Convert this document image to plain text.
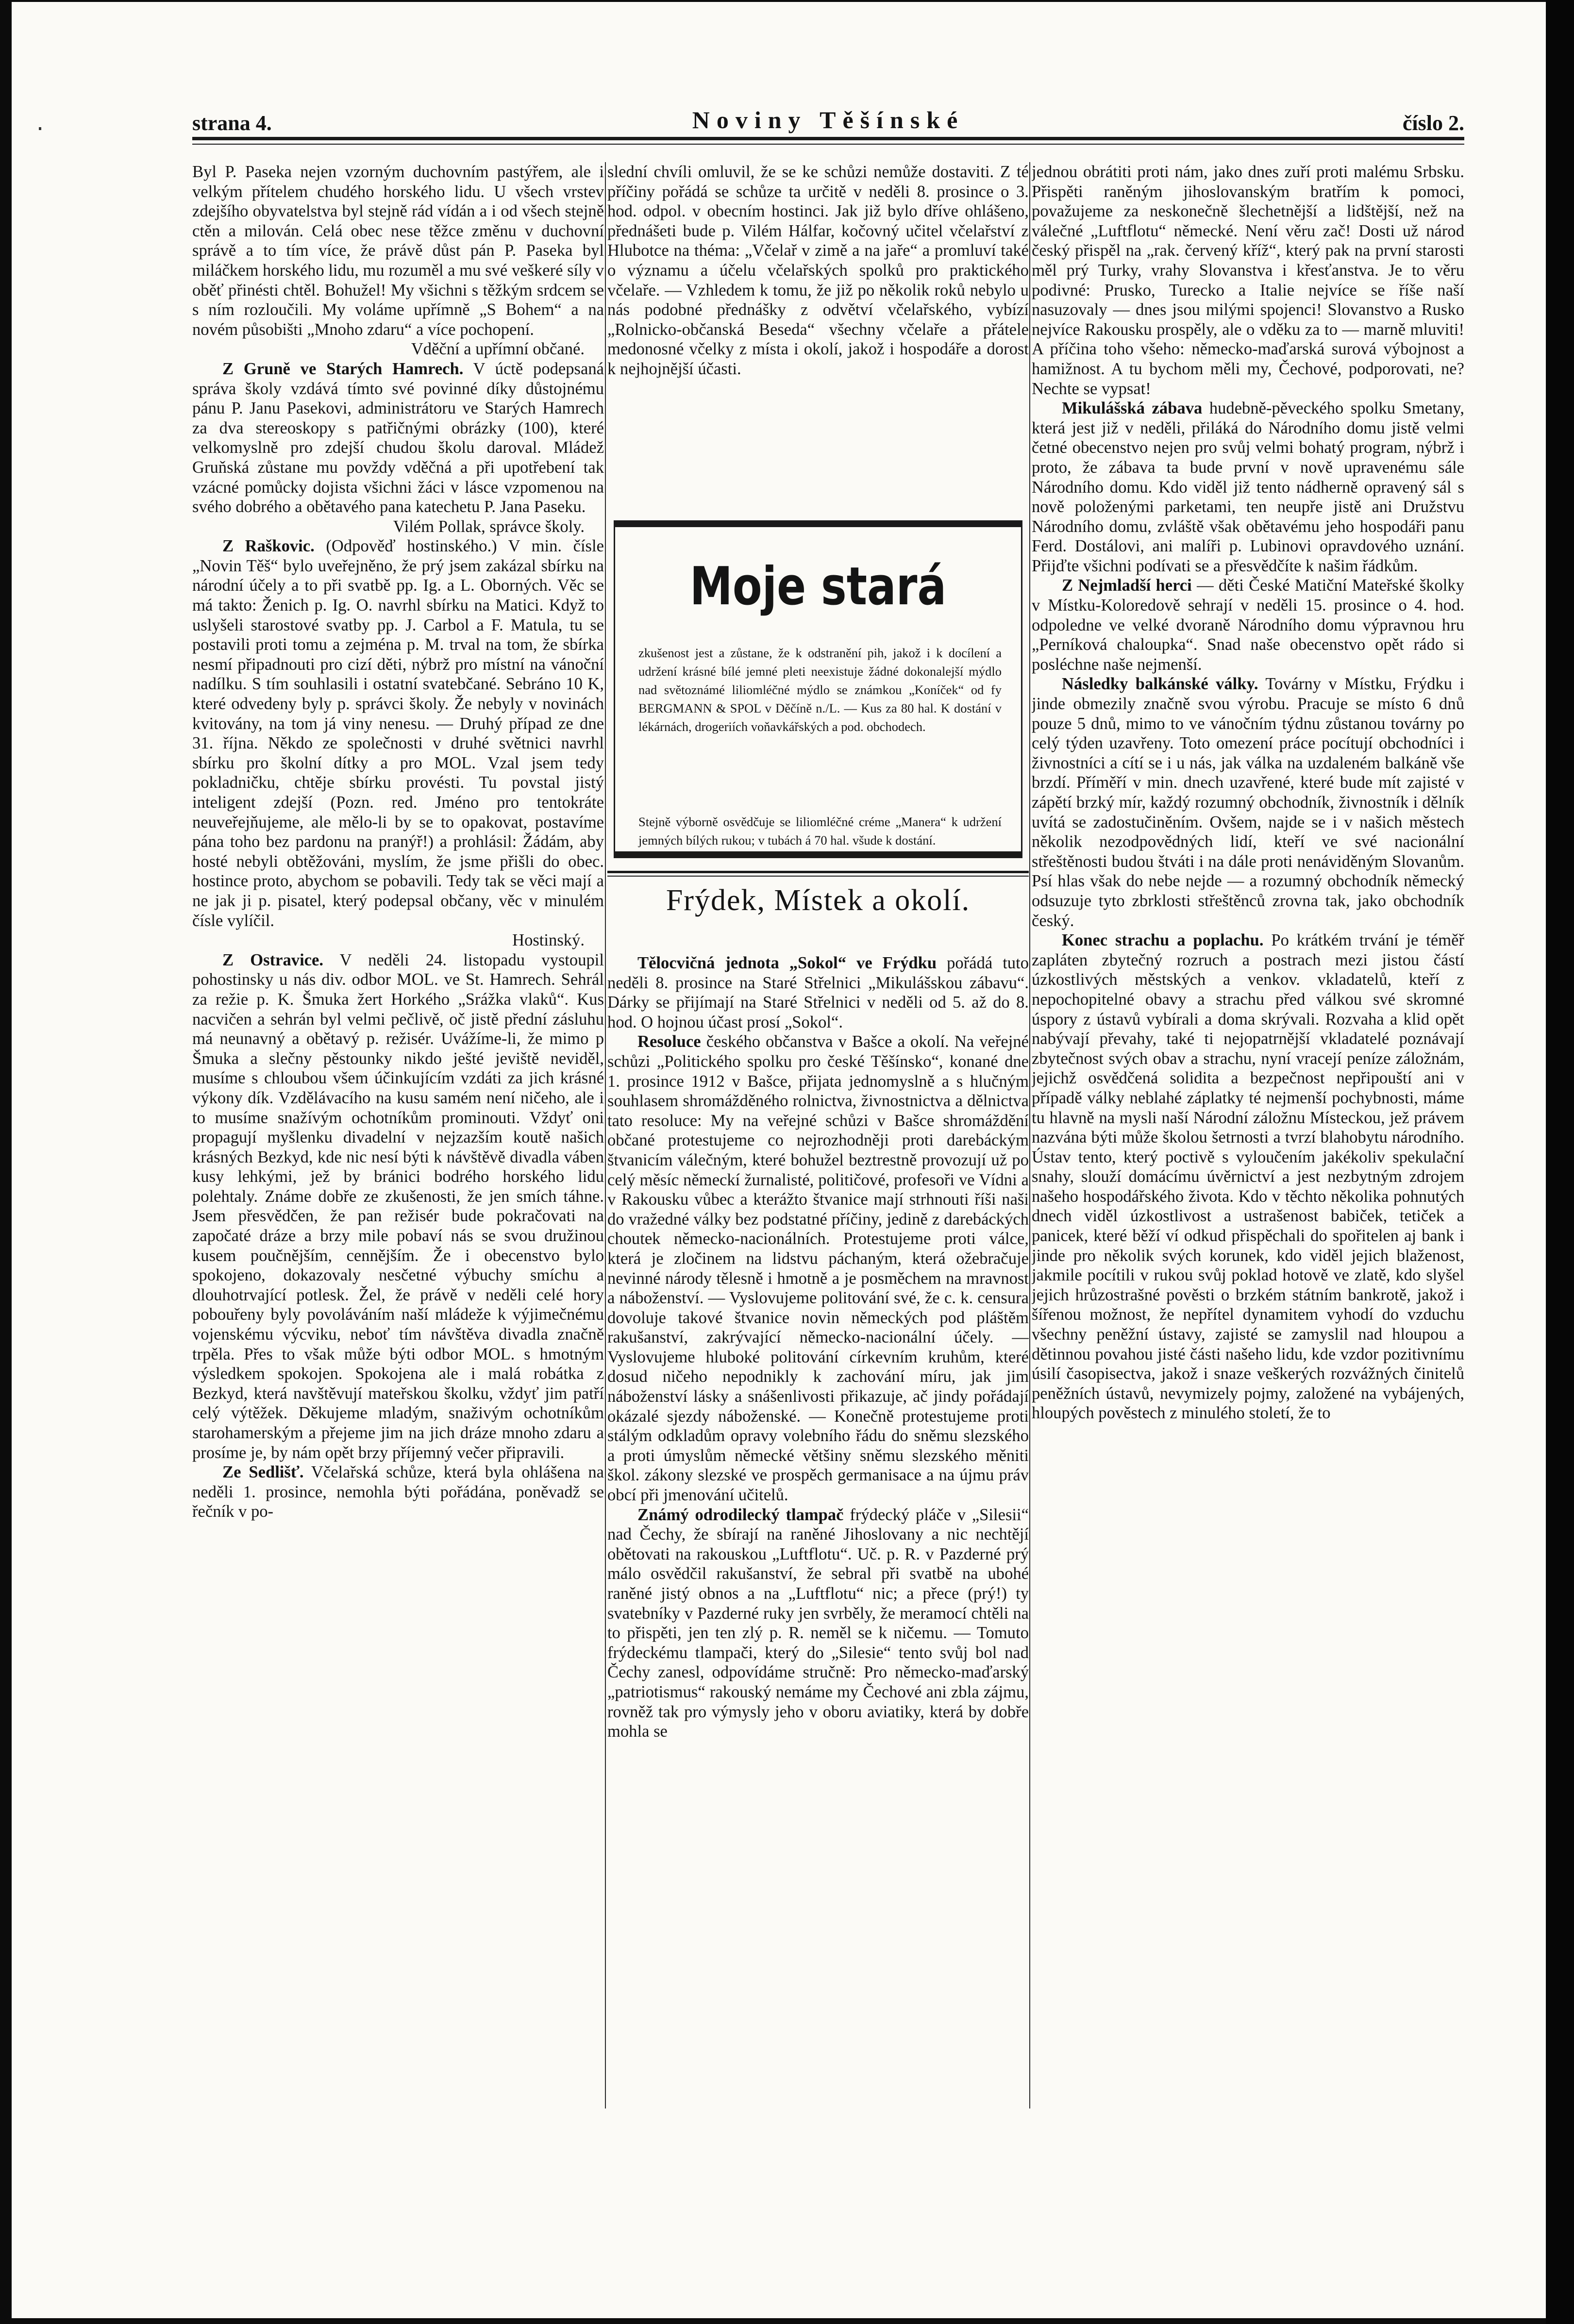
strana 4.	Noviny Těšínské	číslo 2.

Byl P. Paseka nejen vzorným duchovním pastýřem, ale i velkým přítelem chudého horského lidu. U všech vrstev zdejšího obyvatelstva byl stejně rád vídán a i od všech stejně ctěn a milován. Celá obec nese těžce změnu v duchovní správě a to tím více, že právě důst pán P. Paseka byl miláčkem horského lidu, mu rozuměl a mu své veškeré síly v oběť přinésti chtěl. Bohužel! My všichni s těžkým srdcem se s ním rozloučili. My voláme upřímně „S Bohem“ a na novém působišti „Mnoho zdaru“ a více pochopení.

Vděční a upřímní občané.

Z Gruně ve Starých Hamrech. V úctě podepsaná správa školy vzdává tímto své povinné díky důstojnému pánu P. Janu Pasekovi, administrátoru ve Starých Hamrech za dva stereoskopy s patřičnými obrázky (100), které velkomyslně pro zdejší chudou školu daroval. Mládež Gruňská zůstane mu povždy vděčná a při upotřebení tak vzácné pomůcky dojista všichni žáci v lásce vzpomenou na svého dobrého a obětavého pana katechetu P. Jana Paseku.

Vilém Pollak, správce školy.

Z Raškovic. (Odpověď hostinského.) V min. čísle „Novin Těš“ bylo uveřejněno, že prý jsem zakázal sbírku na národní účely a to při svatbě pp. Ig. a L. Oborných. Věc se má takto: Ženich p. Ig. O. navrhl sbírku na Matici. Když to uslyšeli starostové svatby pp. J. Carbol a F. Matula, tu se postavili proti tomu a zejména p. M. trval na tom, že sbírka nesmí připadnouti pro cizí děti, nýbrž pro místní na vánoční nadílku. S tím souhlasili i ostatní svatebčané. Sebráno 10 K, které odvedeny byly p. správci školy. Že nebyly v novinách kvitovány, na tom já viny nenesu. — Druhý případ ze dne 31. října. Někdo ze společnosti v druhé světnici navrhl sbírku pro školní dítky a pro MOL. Vzal jsem tedy pokladničku, chtěje sbírku provésti. Tu povstal jistý inteligent zdejší (Pozn. red. Jméno pro tentokráte neuveřejňujeme, ale mělo-li by se to opakovat, postavíme pána toho bez pardonu na pranýř!) a prohlásil: Žádám, aby hosté nebyli obtěžováni, myslím, že jsme přišli do obec. hostince proto, abychom se pobavili. Tedy tak se věci mají a ne jak ji p. pisatel, který podepsal občany, věc v minulém čísle vylíčil.

Hostinský.

Z Ostravice. V neděli 24. listopadu vystoupil pohostinsky u nás div. odbor MOL. ve St. Hamrech. Sehrál za režie p. K. Šmuka žert Horkého „Srážka vlaků“. Kus nacvičen a sehrán byl velmi pečlivě, oč jistě přední zásluhu má neunavný a obětavý p. režisér. Uvážíme-li, že mimo p Šmuka a slečny pěstounky nikdo ješté jeviště neviděl, musíme s chloubou všem účinkujícím vzdáti za jich krásné výkony dík. Vzdělávacího na kusu samém není ničeho, ale i to musíme snažívým ochotníkům prominouti. Vždyť oni propagují myšlenku divadelní v nejzazším koutě našich krásných Bezkyd, kde nic nesí býti k návštěvě divadla váben kusy lehkými, jež by bránici bodrého horského lidu polehtaly. Známe dobře ze zkušenosti, že jen smích táhne. Jsem přesvědčen, že pan režisér bude pokračovati na započaté dráze a brzy mile pobaví nás se svou družinou kusem poučnějším, cennějším. Že i obecenstvo bylo spokojeno, dokazovaly nesčetné výbuchy smíchu a dlouhotrvající potlesk. Žel, že právě v neděli celé hory pobouřeny byly povoláváním naší mládeže k výjimečnému vojenskému výcviku, neboť tím návštěva divadla značně trpěla. Přes to však může býti odbor MOL. s hmotným výsledkem spokojen. Spokojena ale i malá robátka z Bezkyd, která navštěvují mateřskou školku, vždyť jim patří celý výtěžek. Děkujeme mladým, snaživým ochotníkům starohamerským a přejeme jim na jich dráze mnoho zdaru a prosíme je, by nám opět brzy příjemný večer připravili.

Ze Sedlišť. Včelařská schůze, která byla ohlášena na neděli 1. prosince, nemohla býti pořádána, poněvadž se řečník v po-

slední chvíli omluvil, že se ke schůzi nemůže dostaviti. Z té příčiny pořádá se schůze ta určitě v neděli 8. prosince o 3. hod. odpol. v obecním hostinci. Jak již bylo dříve ohlášeno, přednášeti bude p. Vilém Hálfar, kočovný učitel včelařství z Hlubotce na théma: „Včelař v zimě a na jaře“ a promluví také o významu a účelu včelařských spolků pro praktického včelaře. — Vzhledem k tomu, že již po několik roků nebylo u nás podobné přednášky z odvětví včelařského, vybízí „Rolnicko-občanská Beseda“ všechny včelaře a přátele medonosné včelky z místa i okolí, jakož i hospodáře a dorost k nejhojnější účasti.

Moje stará

zkušenost jest a zůstane, že k odstranění pih, jakož i k docílení a udržení krásné bílé jemné pleti neexistuje žádné dokonalejší mýdlo nad světoznámé liliomléčné mýdlo se známkou „Koníček“ od fy BERGMANN & SPOL v Děčíně n./L. — Kus za 80 hal. K dostání v lékárnách, drogeriích voňavkářských a pod. obchodech.

Stejně výborně osvědčuje se liliomléčné créme „Manera“ k udržení jemných bílých rukou; v tubách á 70 hal. všude k dostání.

Frýdek, Místek a okolí.

Tělocvičná jednota „Sokol“ ve Frýdku pořádá tuto neděli 8. prosince na Staré Střelnici „Mikulášskou zábavu“. Dárky se přijímají na Staré Střelnici v neděli od 5. až do 8. hod. O hojnou účast prosí „Sokol“.

Resoluce českého občanstva v Bašce a okolí. Na veřejné schůzi „Politického spolku pro české Těšínsko“, konané dne 1. prosince 1912 v Bašce, přijata jednomyslně a s hlučným souhlasem shromážděného rolnictva, živnostnictva a dělnictva tato resoluce: My na veřejné schůzi v Bašce shromáždění občané protestujeme co nejrozhodněji proti darebáckým štvanicím válečným, které bohužel beztrestně provozují už po celý měsíc německí žurnalisté, političové, profesoři ve Vídni a v Rakousku vůbec a kterážto štvanice mají strhnouti říši naši do vražedné války bez podstatné příčiny, jedině z darebáckých choutek německo-nacionálních. Protestujeme proti válce, která je zločinem na lidstvu páchaným, která ožebračuje nevinné národy tělesně i hmotně a je posměchem na mravnost a náboženství. — Vyslovujeme politování své, že c. k. censura dovoluje takové štvanice novin německých pod pláštěm rakušanství, zakrývající německo-nacionální účely. — Vyslovujeme hluboké politování církevním kruhům, které dosud ničeho nepodnikly k zachování míru, jak jim náboženství lásky a snášenlivosti přikazuje, ač jindy pořádají okázalé sjezdy náboženské. — Konečně protestujeme proti stálým odkladům opravy volebního řádu do sněmu slezského a proti úmyslům německé většiny sněmu slezského měniti škol. zákony slezské ve prospěch germanisace a na újmu práv obcí při jmenování učitelů.

Známý odrodilecký tlampač frýdecký pláče v „Silesii“ nad Čechy, že sbírají na raněné Jihoslovany a nic nechtějí obětovati na rakouskou „Luftflotu“. Uč. p. R. v Pazderné prý málo osvědčil rakušanství, že sebral při svatbě na ubohé raněné jistý obnos a na „Luftflotu“ nic; a přece (prý!) ty svatebníky v Pazderné ruky jen svrběly, že meramocí chtěli na to přispěti, jen ten zlý p. R. neměl se k ničemu. — Tomuto frýdeckému tlampači, který do „Silesie“ tento svůj bol nad Čechy zanesl, odpovídáme stručně: Pro německo-maďarský „patriotismus“ rakouský nemáme my Čechové ani zbla zájmu, rovněž tak pro výmysly jeho v oboru aviatiky, která by dobře mohla se

jednou obrátiti proti nám, jako dnes zuří proti malému Srbsku. Přispěti raněným jihoslovanským bratřím k pomoci, považujeme za neskonečně šlechetnější a lidštější, než na válečné „Luftflotu“ německé. Není věru zač! Dosti už národ český přispěl na „rak. červený kříž“, který pak na první starosti měl prý Turky, vrahy Slovanstva i křesťanstva. Je to věru podivné: Prusko, Turecko a Italie nejvíce se říše naší nasuzovaly — dnes jsou milými spojenci! Slovanstvo a Rusko nejvíce Rakousku prospěly, ale o vděku za to — marně mluviti! A příčina toho všeho: německo-maďarská surová výbojnost a hamižnost. A tu bychom měli my, Čechové, podporovati, ne? Nechte se vypsat!

Mikulášská zábava hudebně-pěveckého spolku Smetany, která jest již v neděli, přiláká do Národního domu jistě velmi četné obecenstvo nejen pro svůj velmi bohatý program, nýbrž i proto, že zábava ta bude první v nově upravenému sále Národního domu. Kdo viděl již tento nádherně opravený sál s nově položenými parketami, ten neupře jistě ani Družstvu Národního domu, zvláště však obětavému jeho hospodáři panu Ferd. Dostálovi, ani malíři p. Lubinovi opravdového uznání. Přijďte všichni podívati se a přesvědčíte k našim řádkům.

Z Nejmladší herci — děti České Matiční Mateřské školky v Místku-Koloredově sehrají v neděli 15. prosince o 4. hod. odpoledne ve velké dvoraně Národního domu výpravnou hru „Perníková chaloupka“. Snad naše obecenstvo opět rádo si posléchne naše nejmenší.

Následky balkánské války. Továrny v Místku, Frýdku i jinde obmezily značně svou výrobu. Pracuje se místo 6 dnů pouze 5 dnů, mimo to ve vánočním týdnu zůstanou továrny po celý týden uzavřeny. Toto omezení práce pocítují obchodníci i živnostníci a cítí se i u nás, jak válka na uzdaleném balkáně vše brzdí. Příměří v min. dnech uzavřené, které bude mít zajisté v zápětí brzký mír, každý rozumný obchodník, živnostník i dělník uvítá se zadostučiněním. Ovšem, najde se i v našich městech několik nezodpovědných lidí, kteří ve své nacionální střeštěnosti budou štváti i na dále proti nenáviděným Slovanům. Psí hlas však do nebe nejde — a rozumný obchodník německý odsuzuje tyto zbrklosti střeštěnců zrovna tak, jako obchodník český.

Konec strachu a poplachu. Po krátkém trvání je téměř zapláten zbytečný rozruch a postrach mezi jistou částí úzkostlivých městských a venkov. vkladatelů, kteří z nepochopitelné obavy a strachu před válkou své skromné úspory z ústavů vybírali a doma skrývali. Rozvaha a klid opět nabývají převahy, také ti nejopatrnější vkladatelé poznávají zbytečnost svých obav a strachu, nyní vracejí peníze záložnám, jejichž osvědčená solidita a bezpečnost nepřipouští ani v případě války neblahé záplatky té nejmenší pochybnosti, máme tu hlavně na mysli naší Národní záložnu Místeckou, jež právem nazvána býti může školou šetrnosti a tvrzí blahobytu národního. Ústav tento, který poctivě s vyloučením jakékoliv spekulační snahy, slouží domácímu úvěrnictví a jest nezbytným zdrojem našeho hospodářského života. Kdo v těchto několika pohnutých dnech viděl úzkostlivost a ustrašenost babiček, tetiček a panicek, které běží ví odkud přispěchali do spořitelen aj bank i jinde pro několik svých korunek, kdo viděl jejich blaženost, jakmile pocítili v rukou svůj poklad hotově ve zlatě, kdo slyšel jejich hrůzostrašné pověsti o brzkém státním bankrotě, jakož i šířenou možnost, že nepřítel dynamitem vyhodí do vzduchu všechny peněžní ústavy, zajisté se zamyslil nad hloupou a dětinnou povahou jisté části našeho lidu, kde vzdor pozitivnímu úsilí časopisectva, jakož i snaze veškerých rozvážných činitelů peněžních ústavů, nevymizely pojmy, založené na vybájených, hloupých pověstech z minulého století, že to
